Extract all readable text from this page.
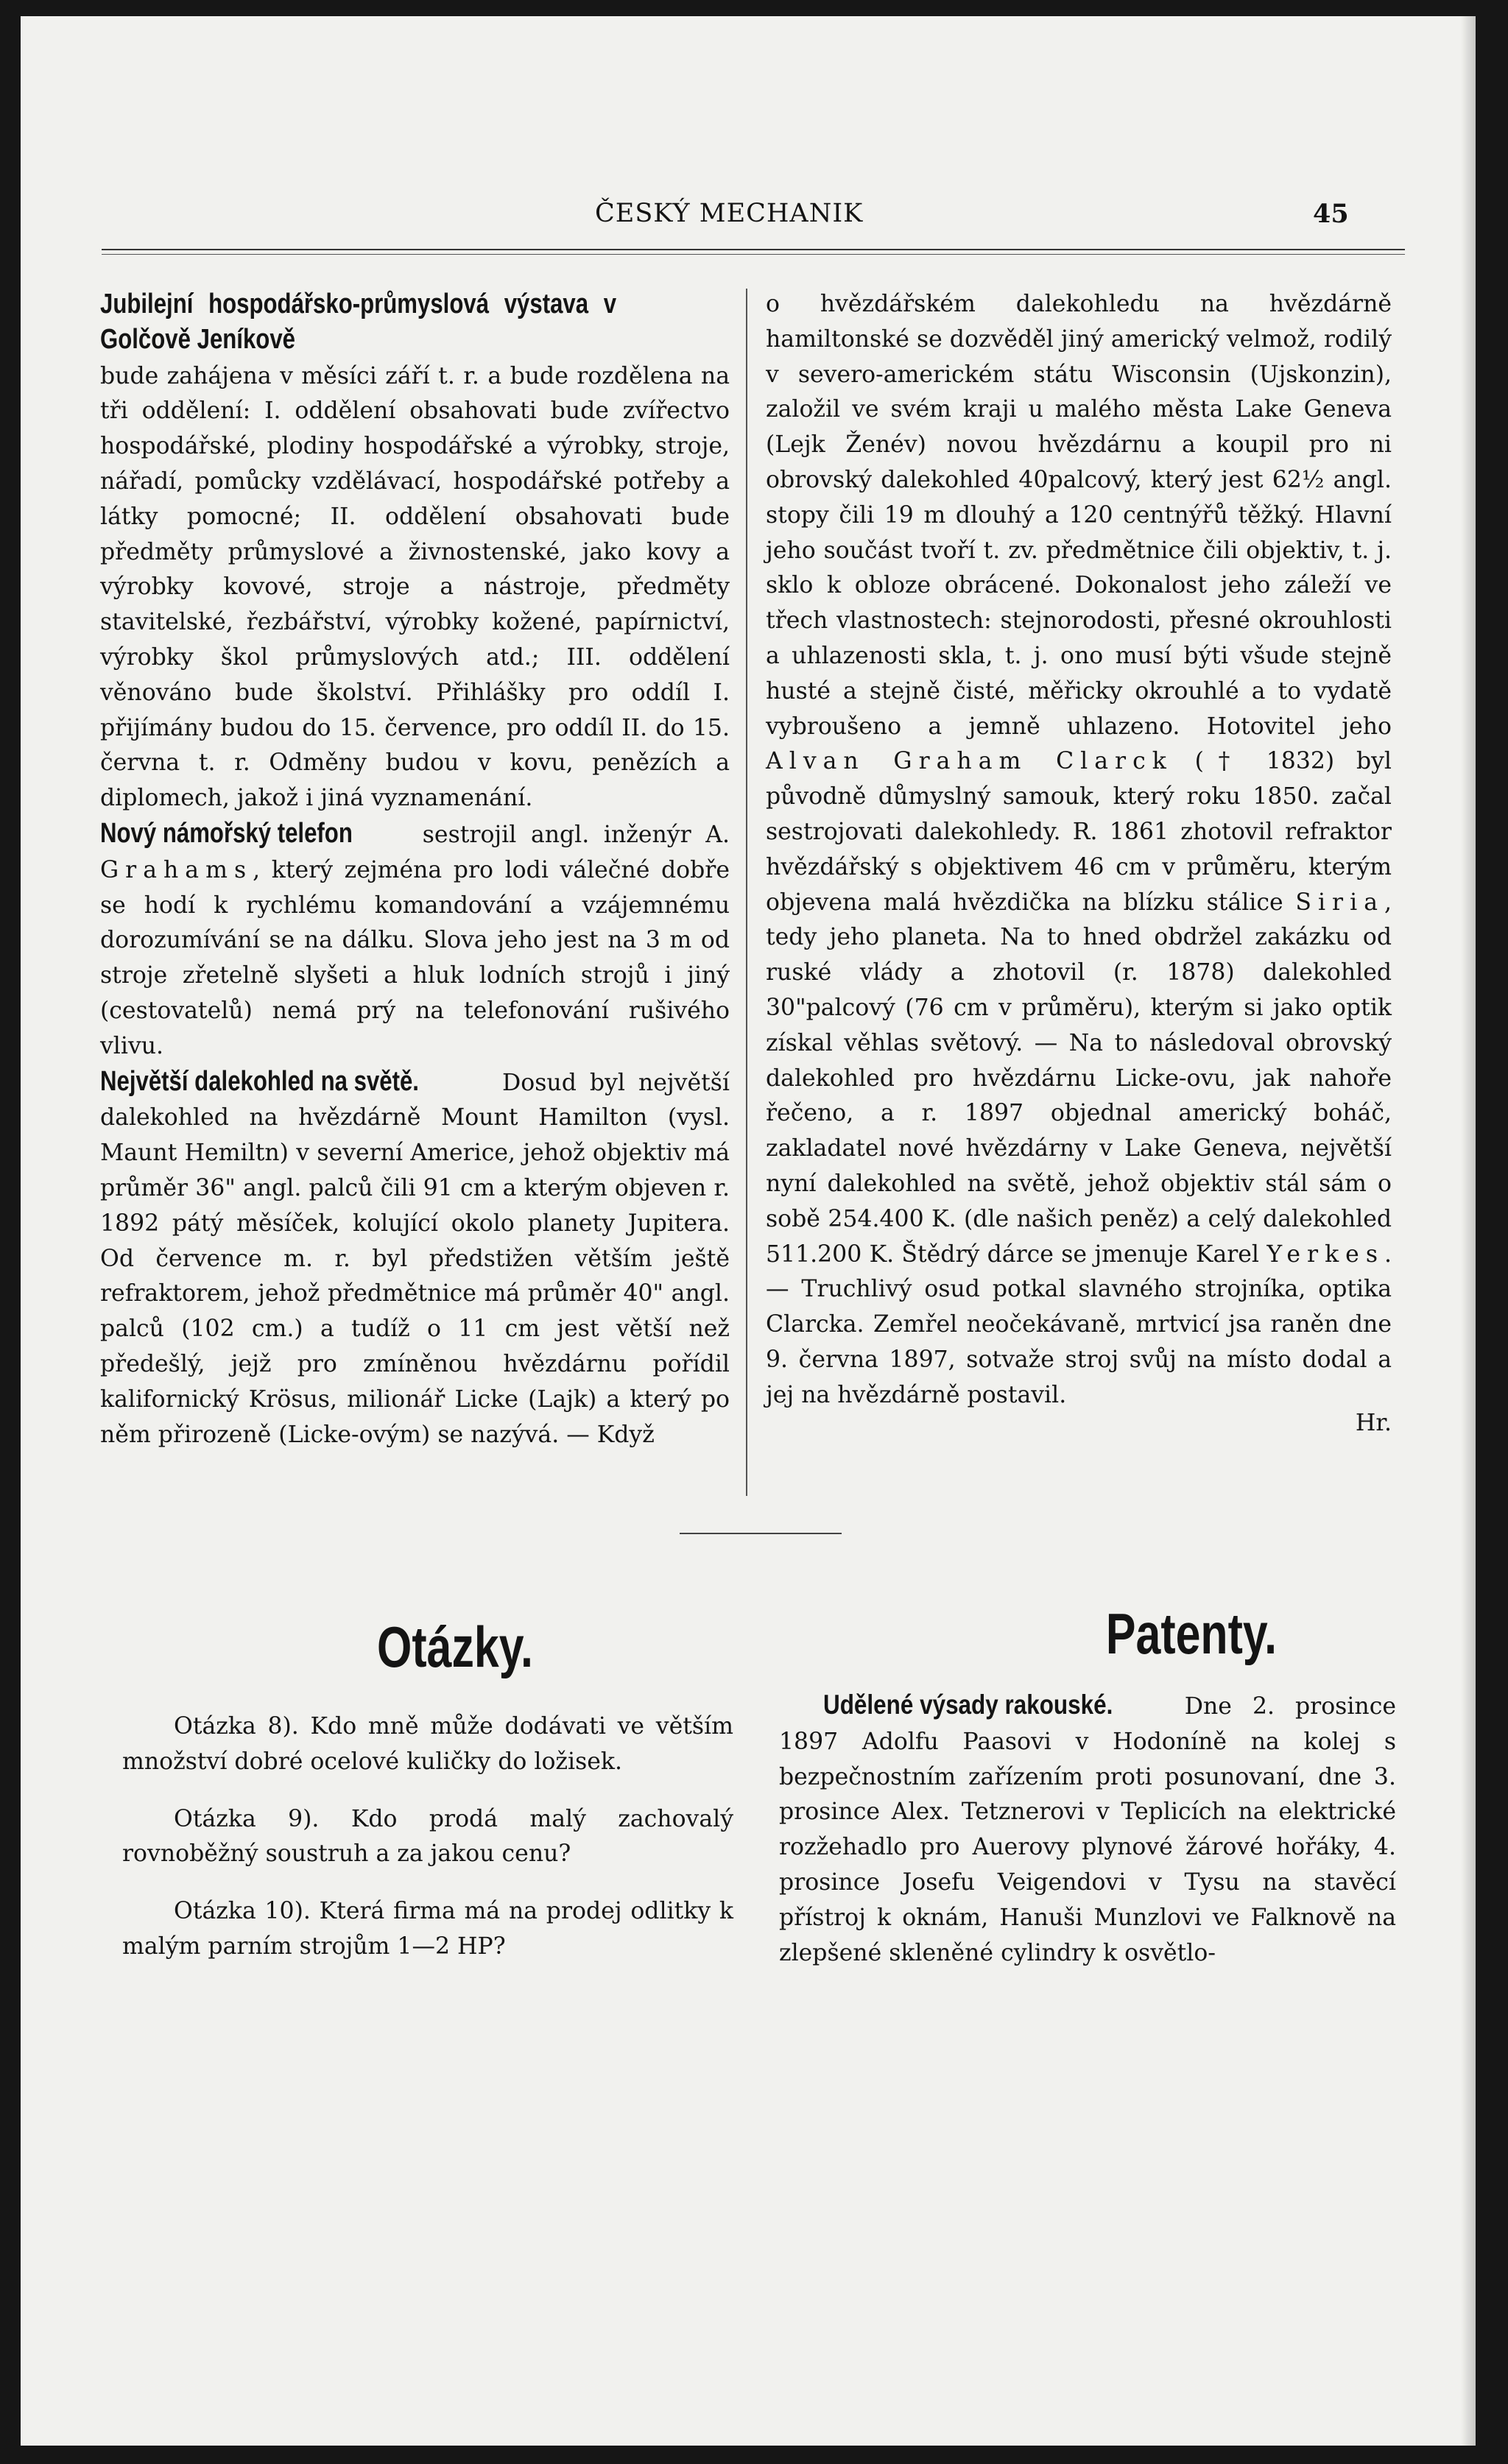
ČESKÝ MECHANIK	45

Jubilejní hospodářsko-průmyslová výstava v Golčově Jeníkově bude zahájena v měsíci září t. r. a bude rozdělena na tři oddělení: I. oddělení obsahovati bude zvířectvo hospodářské, plodiny hospodářské a výrobky, stroje, nářadí, pomůcky vzdělávací, hospodářské potřeby a látky pomocné; II. oddělení obsahovati bude předměty průmyslové a živnostenské, jako kovy a výrobky kovové, stroje a nástroje, předměty stavitelské, řezbářství, výrobky kožené, papírnictví, výrobky škol průmyslových atd.; III. oddělení věnováno bude školství. Přihlášky pro oddíl I. přijímány budou do 15. července, pro oddíl II. do 15. června t. r. Odměny budou v kovu, penězích a diplomech, jakož i jiná vyznamenání.

Nový námořský telefon	sestrojil angl. inženýr A. Grahams, který zejména pro lodi válečné dobře se hodí k rychlému komandování a vzájemnému dorozumívání se na dálku. Slova jeho jest na 3 m od stroje zřetelně slyšeti a hluk lodních strojů i jiný (cestovatelů) nemá prý na telefonování rušivého vlivu.

Největší dalekohled na světě.	Dosud byl největší dalekohled na hvězdárně Mount Hamilton (vysl. Maunt Hemiltn) v severní Americe, jehož objektiv má průměr 36" angl. palců čili 91 cm a kterým objeven r. 1892 pátý měsíček, kolující okolo planety Jupitera. Od července m. r. byl předstižen větším ještě refraktorem, jehož předmětnice má průměr 40" angl. palců (102 cm.) a tudíž o 11 cm jest větší než předešlý, jejž pro zmíněnou hvězdárnu pořídil kalifornický Krösus, milionář Licke (Lajk) a který po něm přirozeně (Licke-ovým) se nazývá. — Když

o hvězdářském dalekohledu na hvězdárně hamiltonské se dozvěděl jiný americký velmož, rodilý v severo-americkém státu Wisconsin (Ujskonzin), založil ve svém kraji u malého města Lake Geneva (Lejk Ženév) novou hvězdárnu a koupil pro ni obrovský dalekohled 40palcový, který jest 62½ angl. stopy čili 19 m dlouhý a 120 centnýřů těžký. Hlavní jeho součást tvoří t. zv. předmětnice čili objektiv, t. j. sklo k obloze obrácené. Dokonalost jeho záleží ve třech vlastnostech: stejnorodosti, přesné okrouhlosti a uhlazenosti skla, t. j. ono musí býti všude stejně husté a stejně čisté, měřicky okrouhlé a to vydatě vybroušeno a jemně uhlazeno. Hotovitel jeho Alvan Graham Clarck († 1832) byl původně důmyslný samouk, který roku 1850. začal sestrojovati dalekohledy. R. 1861 zhotovil refraktor hvězdářský s objektivem 46 cm v průměru, kterým objevena malá hvězdička na blízku stálice Siria, tedy jeho planeta. Na to hned obdržel zakázku od ruské vlády a zhotovil (r. 1878) dalekohled 30"palcový (76 cm v průměru), kterým si jako optik získal věhlas světový. — Na to následoval obrovský dalekohled pro hvězdárnu Licke-ovu, jak nahoře řečeno, a r. 1897 objednal americký boháč, zakladatel nové hvězdárny v Lake Geneva, největší nyní dalekohled na světě, jehož objektiv stál sám o sobě 254.400 K. (dle našich peněz) a celý dalekohled 511.200 K. Štědrý dárce se jmenuje Karel Yerkes. — Truchlivý osud potkal slavného strojníka, optika Clarcka. Zemřel neočekávaně, mrtvicí jsa raněn dne 9. června 1897, sotvaže stroj svůj na místo dodal a jej na hvězdárně postavil.

Hr.
Otázky.

Otázka 8). Kdo mně může dodávati ve větším množství dobré ocelové kuličky do ložisek.

Otázka 9). Kdo prodá malý zachovalý rovnoběžný soustruh a za jakou cenu?

Otázka 10). Která firma má na prodej odlitky k malým parním strojům 1—2 HP?

Patenty.

Udělené výsady rakouské.	Dne 2. prosince 1897 Adolfu Paasovi v Hodoníně na kolej s bezpečnostním zařízením proti posunovaní, dne 3. prosince Alex. Tetznerovi v Teplicích na elektrické rozžehadlo pro Auerovy plynové žárové hořáky, 4. prosince Josefu Veigendovi v Tysu na stavěcí přístroj k oknám, Hanuši Munzlovi ve Falknově na zlepšené skleněné cylindry k osvětlo-
